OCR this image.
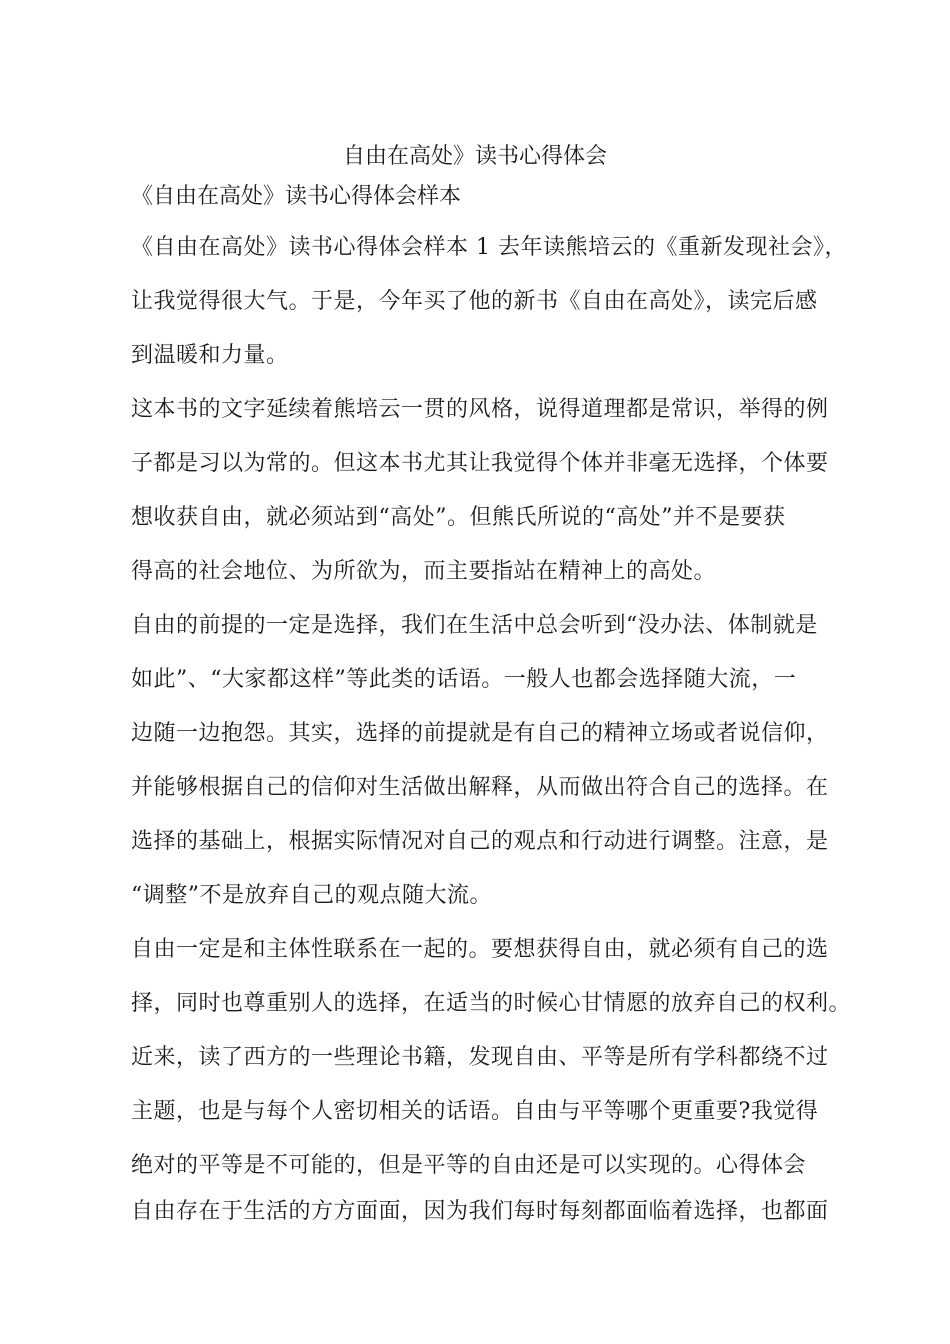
自由在高处》读书心得体会

《自由在高处》读书心得体会样本

《自由在高处》读书心得体会样本 1 去年读熊培云的《重新发现社会》，
让我觉得很大气。于是，今年买了他的新书《自由在高处》，读完后感
到温暖和力量。
这本书的文字延续着熊培云一贯的风格，说得道理都是常识，举得的例
子都是习以为常的。但这本书尤其让我觉得个体并非毫无选择，个体要
想收获自由，就必须站到“高处”。但熊氏所说的“高处”并不是要获
得高的社会地位、为所欲为，而主要指站在精神上的高处。
自由的前提的一定是选择，我们在生活中总会听到“没办法、体制就是
如此”、“大家都这样”等此类的话语。一般人也都会选择随大流，一
边随一边抱怨。其实，选择的前提就是有自己的精神立场或者说信仰，
并能够根据自己的信仰对生活做出解释，从而做出符合自己的选择。在
选择的基础上，根据实际情况对自己的观点和行动进行调整。注意，是
“调整”不是放弃自己的观点随大流。
自由一定是和主体性联系在一起的。要想获得自由，就必须有自己的选
择，同时也尊重别人的选择，在适当的时候心甘情愿的放弃自己的权利。
近来，读了西方的一些理论书籍，发现自由、平等是所有学科都绕不过
主题，也是与每个人密切相关的话语。自由与平等哪个更重要?我觉得
绝对的平等是不可能的，但是平等的自由还是可以实现的。心得体会
自由存在于生活的方方面面，因为我们每时每刻都面临着选择，也都面
